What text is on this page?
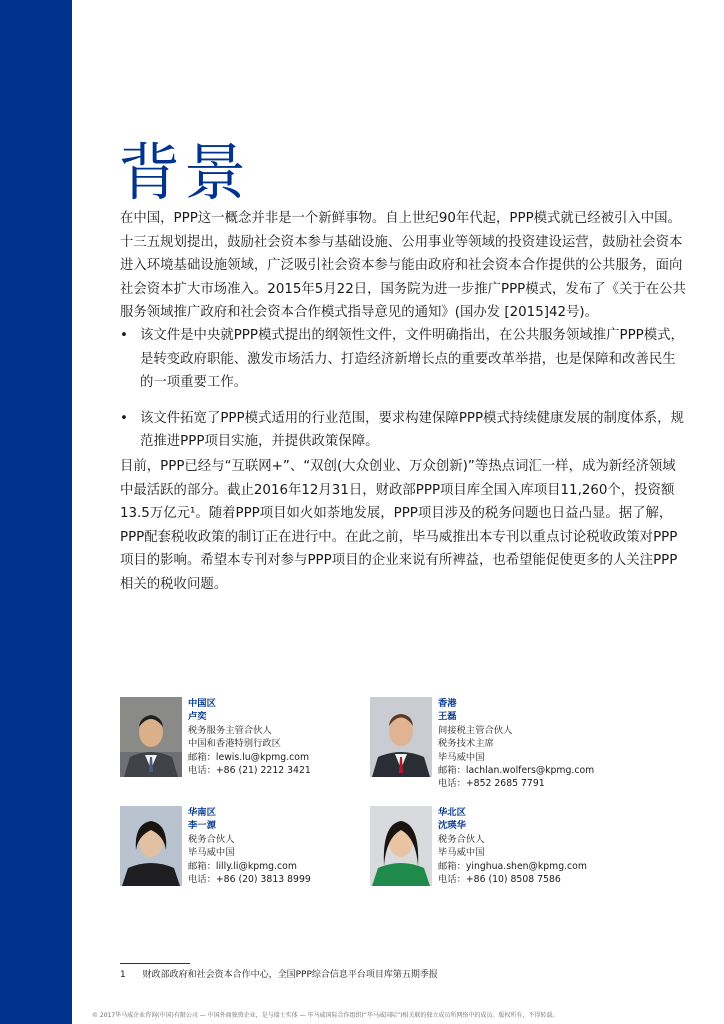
背景

在中国，PPP这一概念并非是一个新鲜事物。自上世纪90年代起，PPP模式就已经被引入中国。十三五规划提出，鼓励社会资本参与基础设施、公用事业等领域的投资建设运营，鼓励社会资本进入环境基础设施领域，广泛吸引社会资本参与能由政府和社会资本合作提供的公共服务，面向社会资本扩大市场准入。2015年5月22日，国务院为进一步推广PPP模式，发布了《关于在公共服务领域推广政府和社会资本合作模式指导意见的通知》(国办发 [2015]42号)。

• 该文件是中央就PPP模式提出的纲领性文件，文件明确指出，在公共服务领域推广PPP模式，是转变政府职能、激发市场活力、打造经济新增长点的重要改革举措，也是保障和改善民生的一项重要工作。
• 该文件拓宽了PPP模式适用的行业范围，要求构建保障PPP模式持续健康发展的制度体系，规范推进PPP项目实施，并提供政策保障。

目前，PPP已经与“互联网+”、“双创(大众创业、万众创新)”等热点词汇一样，成为新经济领域中最活跃的部分。截止2016年12月31日，财政部PPP项目库全国入库项目11,260个，投资额13.5万亿元¹。随着PPP项目如火如荼地发展，PPP项目涉及的税务问题也日益凸显。据了解，PPP配套税收政策的制订正在进行中。在此之前，毕马威推出本专刊以重点讨论税收政策对PPP项目的影响。希望本专刊对参与PPP项目的企业来说有所裨益，也希望能促使更多的人关注PPP相关的税收问题。

中国区
卢奕
税务服务主管合伙人
中国和香港特别行政区
邮箱：lewis.lu@kpmg.com
电话：+86 (21) 2212 3421
香港
王磊
间接税主管合伙人
税务技术主席
毕马威中国
邮箱：lachlan.wolfers@kpmg.com
电话：+852 2685 7791
华南区
李一源
税务合伙人
毕马威中国
邮箱：lilly.li@kpmg.com
电话：+86 (20) 3813 8999
华北区
沈瑛华
税务合伙人
毕马威中国
邮箱：yinghua.shen@kpmg.com
电话：+86 (10) 8508 7586
1 财政部政府和社会资本合作中心，全国PPP综合信息平台项目库第五期季报
© 2017毕马威企业咨询(中国)有限公司 — 中国外商独资企业，是与瑞士实体 — 毕马威国际合作组织(“毕马威国际”)相关联的独立成员所网络中的成员。版权所有，不得转载。
